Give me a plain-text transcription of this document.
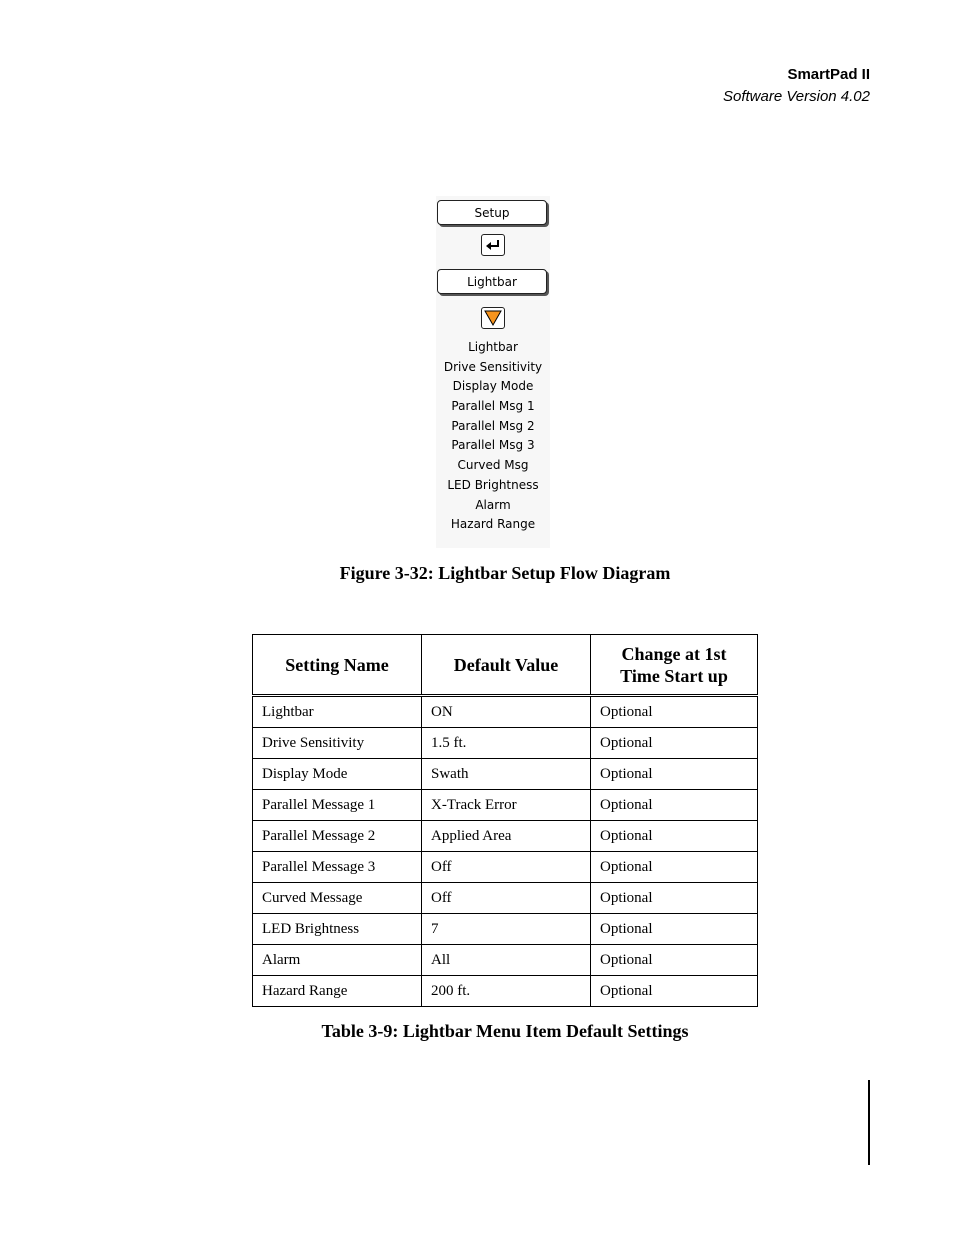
SmartPad II
Software Version 4.02
Setup
Lightbar
Lightbar
Drive Sensitivity
Display Mode
Parallel Msg 1
Parallel Msg 2
Parallel Msg 3
Curved Msg
LED Brightness
Alarm
Hazard Range
Figure 3-32: Lightbar Setup Flow Diagram
Setting Name	Default Value	Change at 1st Time Start up
Lightbar	ON	Optional
Drive Sensitivity	1.5 ft.	Optional
Display Mode	Swath	Optional
Parallel Message 1	X-Track Error	Optional
Parallel Message 2	Applied Area	Optional
Parallel Message 3	Off	Optional
Curved Message	Off	Optional
LED Brightness	7	Optional
Alarm	All	Optional
Hazard Range	200 ft.	Optional
Table 3-9: Lightbar Menu Item Default Settings
